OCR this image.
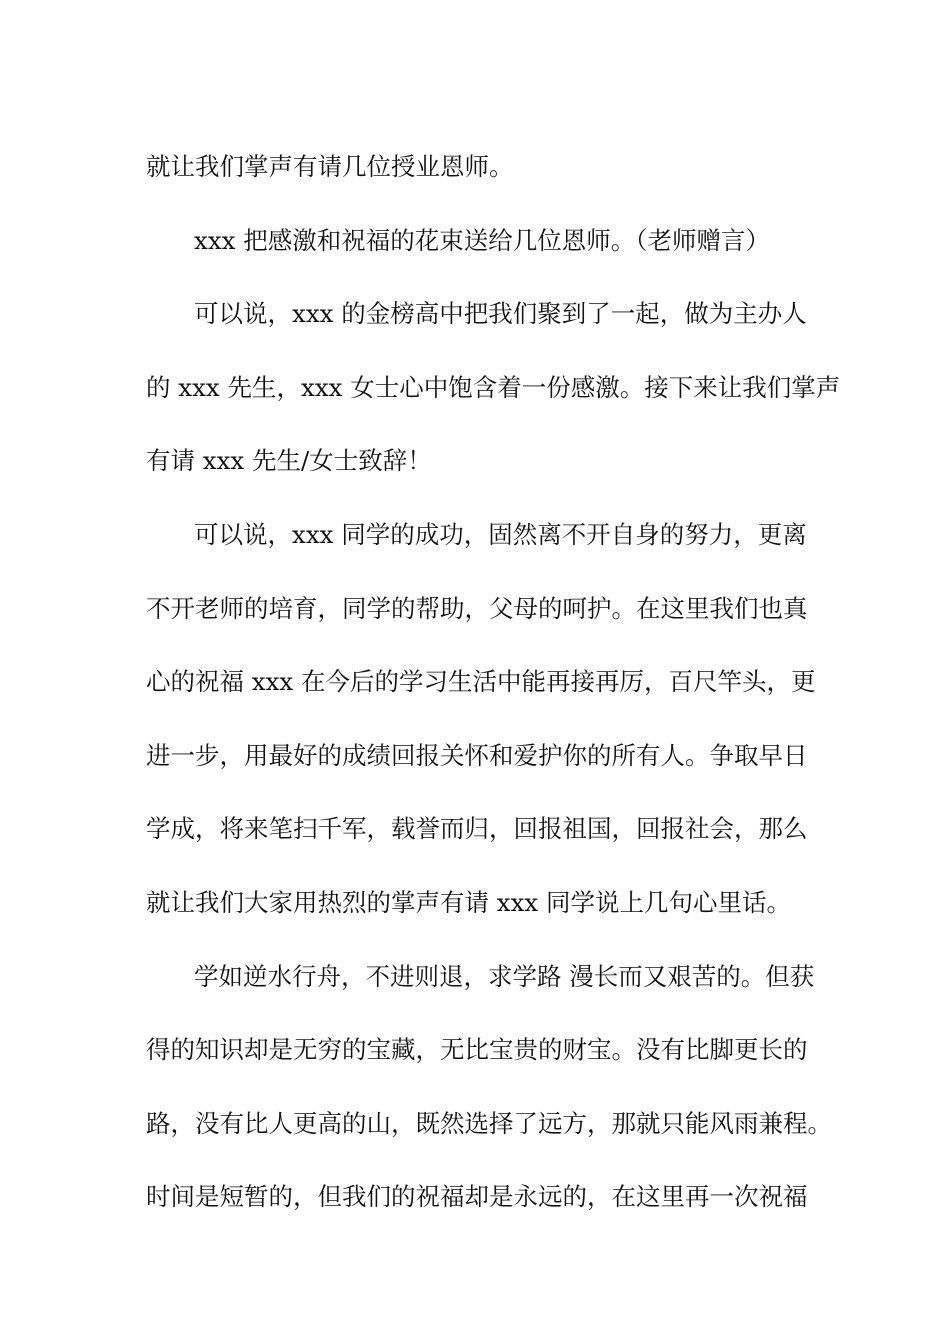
就让我们掌声有请几位授业恩师。

xxx 把感激和祝福的花束送给几位恩师。（老师赠言）

可以说，xxx 的金榜高中把我们聚到了一起，做为主办人

的 xxx 先生，xxx 女士心中饱含着一份感激。接下来让我们掌声

有请 xxx 先生/女士致辞！

可以说，xxx 同学的成功，固然离不开自身的努力，更离

不开老师的培育，同学的帮助，父母的呵护。在这里我们也真

心的祝福 xxx 在今后的学习生活中能再接再厉，百尺竿头，更

进一步，用最好的成绩回报关怀和爱护你的所有人。争取早日

学成，将来笔扫千军，载誉而归，回报祖国，回报社会，那么

就让我们大家用热烈的掌声有请 xxx 同学说上几句心里话。

学如逆水行舟，不进则退，求学路 漫长而又艰苦的。但获

得的知识却是无穷的宝藏，无比宝贵的财宝。没有比脚更长的

路，没有比人更高的山，既然选择了远方，那就只能风雨兼程。

时间是短暂的，但我们的祝福却是永远的，在这里再一次祝福
